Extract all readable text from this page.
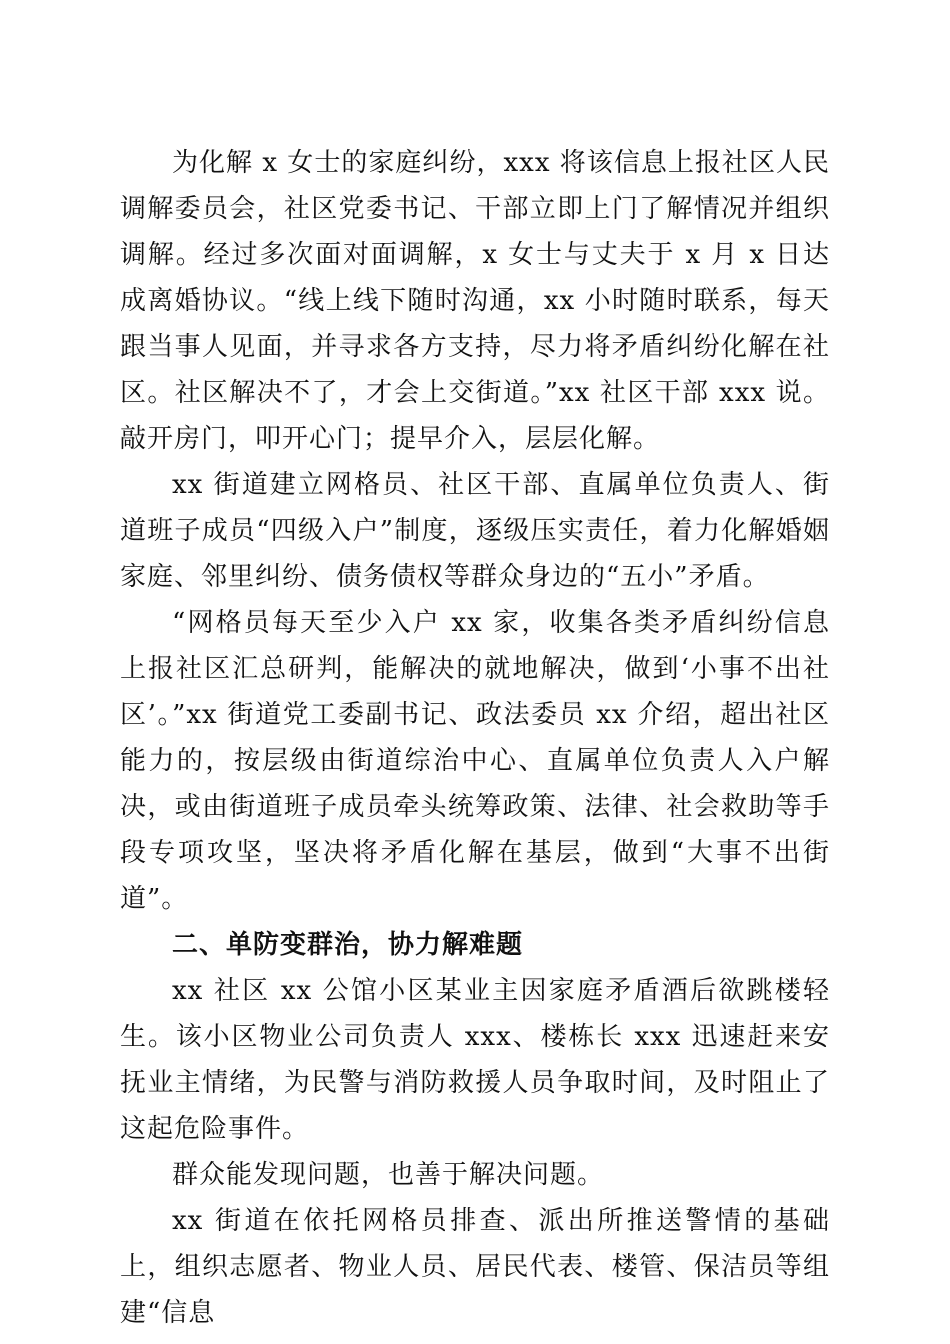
为化解 x 女士的家庭纠纷，xxx 将该信息上报社区人民调解委员会，社区党委书记、干部立即上门了解情况并组织调解。经过多次面对面调解，x 女士与丈夫于 x 月 x 日达成离婚协议。“线上线下随时沟通，xx 小时随时联系，每天跟当事人见面，并寻求各方支持，尽力将矛盾纠纷化解在社区。社区解决不了，才会上交街道。”xx 社区干部 xxx 说。敲开房门，叩开心门；提早介入，层层化解。

xx 街道建立网格员、社区干部、直属单位负责人、街道班子成员“四级入户”制度，逐级压实责任，着力化解婚姻家庭、邻里纠纷、债务债权等群众身边的“五小”矛盾。

“网格员每天至少入户 xx 家，收集各类矛盾纠纷信息上报社区汇总研判，能解决的就地解决，做到‘小事不出社区’。”xx 街道党工委副书记、政法委员 xx 介绍，超出社区能力的，按层级由街道综治中心、直属单位负责人入户解决，或由街道班子成员牵头统筹政策、法律、社会救助等手段专项攻坚，坚决将矛盾化解在基层，做到“大事不出街道”。

二、单防变群治，协力解难题

xx 社区 xx 公馆小区某业主因家庭矛盾酒后欲跳楼轻生。该小区物业公司负责人 xxx、楼栋长 xxx 迅速赶来安抚业主情绪，为民警与消防救援人员争取时间，及时阻止了这起危险事件。

群众能发现问题，也善于解决问题。

xx 街道在依托网格员排查、派出所推送警情的基础上，组织志愿者、物业人员、居民代表、楼管、保洁员等组建“信息
